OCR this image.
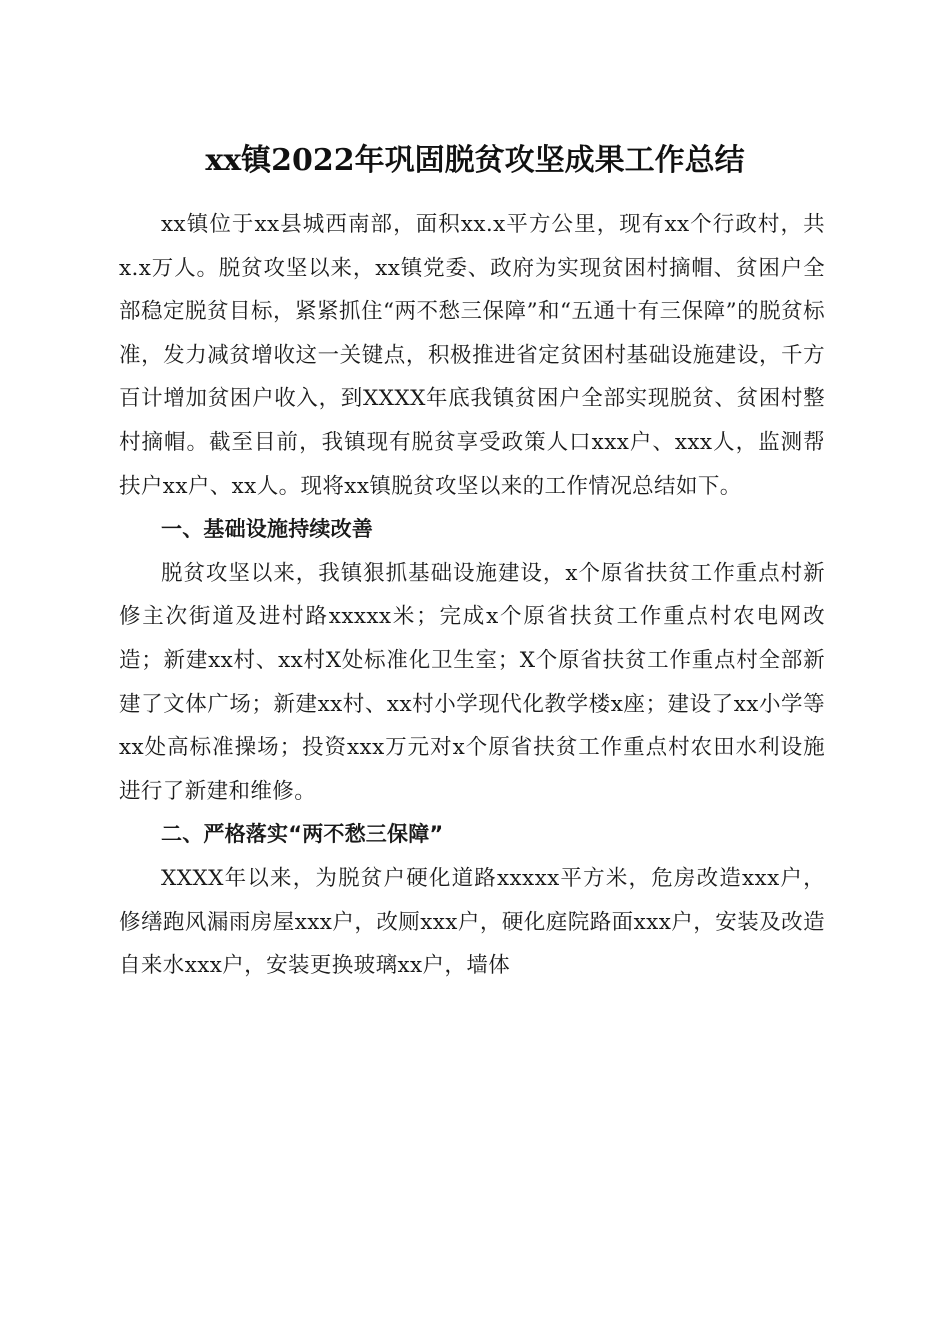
xx镇2022年巩固脱贫攻坚成果工作总结

xx镇位于xx县城西南部，面积xx.x平方公里，现有xx个行政村，共x.x万人。脱贫攻坚以来，xx镇党委、政府为实现贫困村摘帽、贫困户全部稳定脱贫目标，紧紧抓住“两不愁三保障”和“五通十有三保障”的脱贫标准，发力减贫增收这一关键点，积极推进省定贫困村基础设施建设，千方百计增加贫困户收入，到XXXX年底我镇贫困户全部实现脱贫、贫困村整村摘帽。截至目前，我镇现有脱贫享受政策人口xxx户、xxx人，监测帮扶户xx户、xx人。现将xx镇脱贫攻坚以来的工作情况总结如下。

一、基础设施持续改善

脱贫攻坚以来，我镇狠抓基础设施建设，x个原省扶贫工作重点村新修主次街道及进村路xxxxx米；完成x个原省扶贫工作重点村农电网改造；新建xx村、xx村X处标准化卫生室；X个原省扶贫工作重点村全部新建了文体广场；新建xx村、xx村小学现代化教学楼x座；建设了xx小学等xx处高标准操场；投资xxx万元对x个原省扶贫工作重点村农田水利设施进行了新建和维修。

二、严格落实“两不愁三保障”

XXXX年以来，为脱贫户硬化道路xxxxx平方米，危房改造xxx户，修缮跑风漏雨房屋xxx户，改厕xxx户，硬化庭院路面xxx户，安装及改造自来水xxx户，安装更换玻璃xx户，墙体
